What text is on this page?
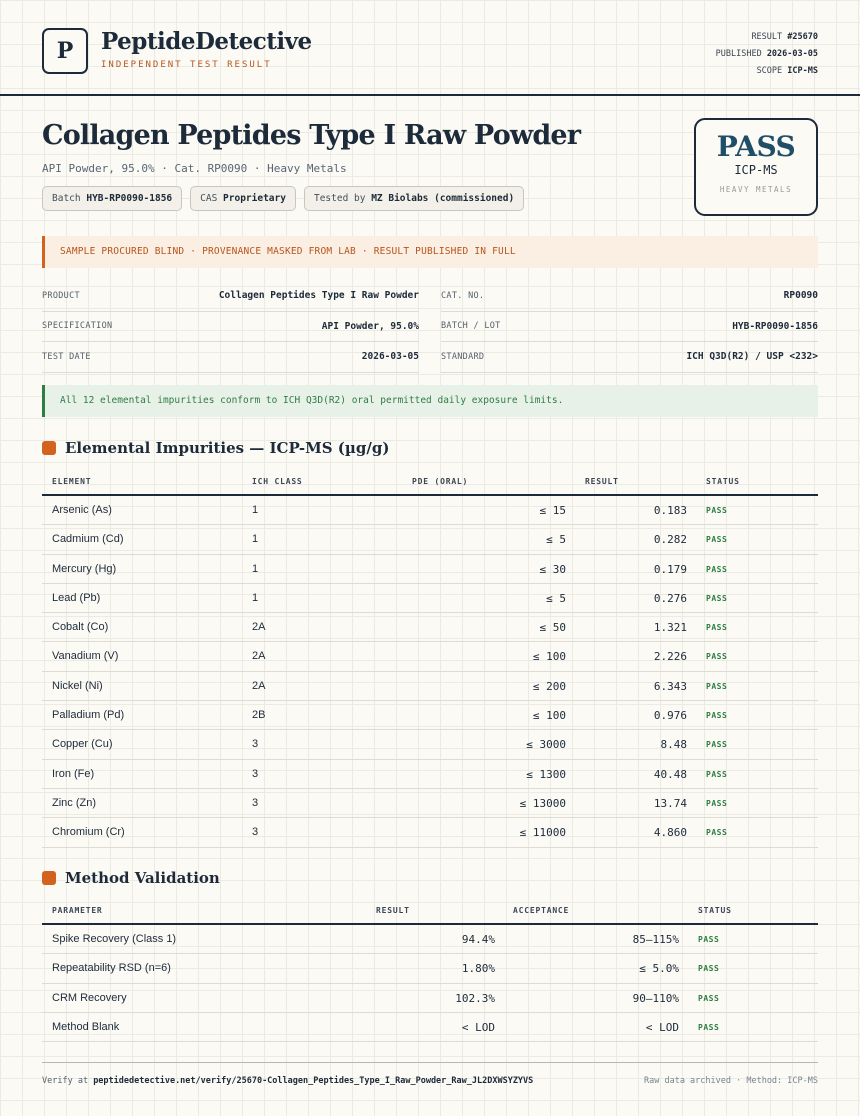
P PeptideDetective
INDEPENDENT TEST RESULT
RESULT #25670
PUBLISHED 2026-03-05
SCOPE ICP-MS
Collagen Peptides Type I Raw Powder
API Powder, 95.0% · Cat. RP0090 · Heavy Metals
Batch HYB-RP0090-1856	CAS Proprietary	Tested by MZ Biolabs (commissioned)
PASS
ICP-MS
HEAVY METALS
SAMPLE PROCURED BLIND · PROVENANCE MASKED FROM LAB · RESULT PUBLISHED IN FULL
PRODUCT	Collagen Peptides Type I Raw Powder
SPECIFICATION	API Powder, 95.0%
TEST DATE	2026-03-05
CAT. NO.	RP0090
BATCH / LOT	HYB-RP0090-1856
STANDARD	ICH Q3D(R2) / USP <232>
All 12 elemental impurities conform to ICH Q3D(R2) oral permitted daily exposure limits.
Elemental Impurities — ICP-MS (µg/g)
ELEMENT	ICH CLASS	PDE (ORAL)	RESULT	STATUS
Arsenic (As)	1	≤ 15	0.183 PASS
Cadmium (Cd)	1	≤ 5	0.282 PASS
Mercury (Hg)	1	≤ 30	0.179 PASS
Lead (Pb)	1	≤ 5	0.276 PASS
Cobalt (Co)	2A	≤ 50	1.321 PASS
Vanadium (V)	2A	≤ 100	2.226 PASS
Nickel (Ni)	2A	≤ 200	6.343 PASS
Palladium (Pd)	2B	≤ 100	0.976 PASS
Copper (Cu)	3	≤ 3000	8.48 PASS
Iron (Fe)	3	≤ 1300	40.48 PASS
Zinc (Zn)	3	≤ 13000	13.74 PASS
Chromium (Cr)	3	≤ 11000	4.860 PASS
Method Validation
PARAMETER	RESULT	ACCEPTANCE	STATUS
Spike Recovery (Class 1)	94.4%	85–115% PASS
Repeatability RSD (n=6)	1.80%	≤ 5.0% PASS
CRM Recovery	102.3%	90–110% PASS
Method Blank	< LOD	< LOD PASS
Verify at peptidedetective.net/verify/25670-Collagen_Peptides_Type_I_Raw_Powder_Raw_JL2DXWSYZYVS	Raw data archived · Method: ICP-MS
